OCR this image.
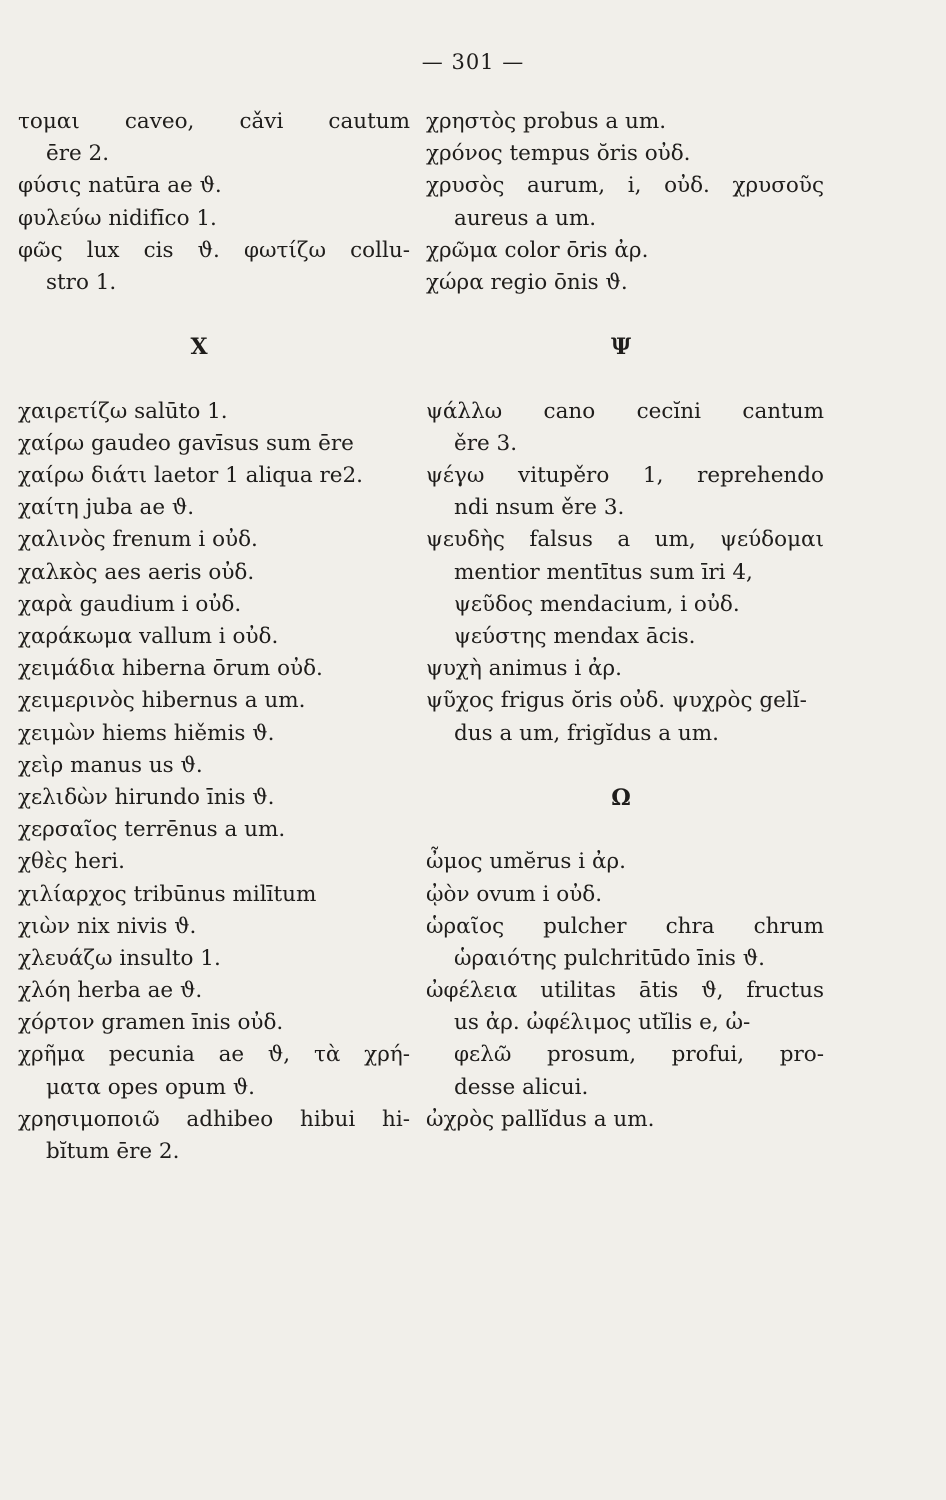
— 301 —
τομαι caveo, cǎvi cautum
ēre 2.
φύσις natūra ae ϑ.
φυλεύω nidifīco 1.
φῶς lux cis ϑ. φωτίζω collu-
stro 1.
X
χαιρετίζω salūto 1.
χαίρω gaudeo gavīsus sum ēre
χαίρω διάτι laetor 1 aliqua re2.
χαίτη juba ae ϑ.
χαλινὸς frenum i οὐδ.
χαλκὸς aes aeris οὐδ.
χαρὰ gaudium i οὐδ.
χαράκωμα vallum i οὐδ.
χειμάδια hiberna ōrum οὐδ.
χειμερινὸς hibernus a um.
χειμὼν hiems hiěmis ϑ.
χεὶρ manus us ϑ.
χελιδὼν hirundo īnis ϑ.
χερσαῖος terrēnus a um.
χθὲς heri.
χιλίαρχος tribūnus milītum
χιὼν nix nivis ϑ.
χλευάζω insulto 1.
χλόη herba ae ϑ.
χόρτον gramen īnis οὐδ.
χρῆμα pecunia ae ϑ, τὰ χρή-
ματα opes opum ϑ.
χρησιμοποιῶ adhibeo hibui hi-
bĭtum ēre 2.
χρηστὸς probus a um.
χρόνος tempus ŏris οὐδ.
χρυσὸς aurum, i, οὐδ. χρυσοῦς
aureus a um.
χρῶμα color ōris ἀρ.
χώρα regio ōnis ϑ.
Ψ
ψάλλω cano cecĭni cantum
ěre 3.
ψέγω vitupěro 1, reprehendo
ndi nsum ěre 3.
ψευδὴς falsus a um, ψεύδομαι
mentior mentītus sum īri 4,
ψεῦδος mendacium, i οὐδ.
ψεύστης mendax ācis.
ψυχὴ animus i ἀρ.
ψῦχος frigus ŏris οὐδ. ψυχρὸς gelĭ-
dus a um, frigĭdus a um.
Ω
ὦμος umĕrus i ἀρ.
ᾠὸν ovum i οὐδ.
ὡραῖος pulcher chra chrum
ὡραιότης pulchritūdo īnis ϑ.
ὠφέλεια utilitas ātis ϑ, fructus
us ἀρ. ὠφέλιμος utĭlis e, ὠ-
φελῶ prosum, profui, pro-
desse alicui.
ὠχρὸς pallĭdus a um.
